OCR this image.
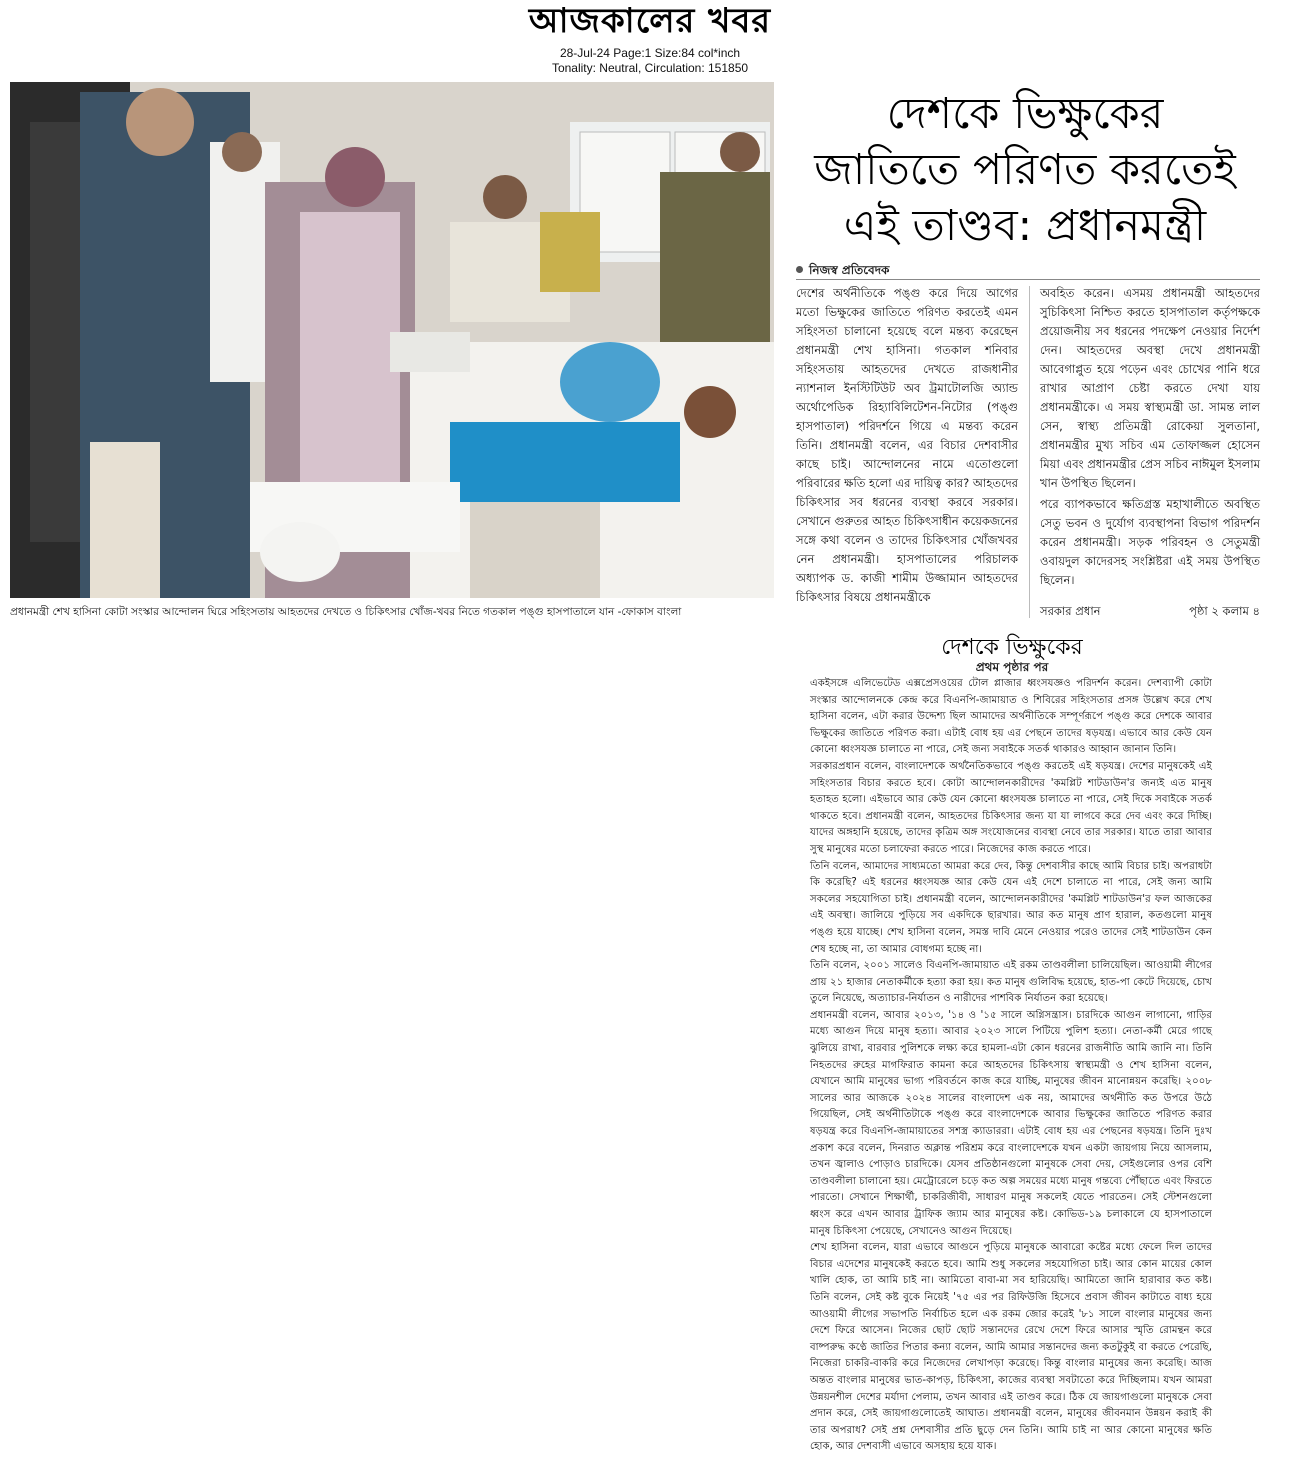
আজকালের খবর
28-Jul-24 Page:1 Size:84 col*inch
Tonality: Neutral, Circulation: 151850
প্রধানমন্ত্রী শেখ হাসিনা কোটা সংস্কার আন্দোলন ঘিরে সহিংসতায় আহতদের দেখতে ও চিকিৎসার খোঁজ-খবর নিতে গতকাল পঙ্গু হাসপাতালে যান -ফোকাস বাংলা
দেশকে ভিক্ষুকের
জাতিতে পরিণত করতেই
এই তাণ্ডব: প্রধানমন্ত্রী
নিজস্ব প্রতিবেদক

দেশের অর্থনীতিকে পঙ্গু করে দিয়ে আগের মতো ভিক্ষুকের জাতিতে পরিণত করতেই এমন সহিংসতা চালানো হয়েছে বলে মন্তব্য করেছেন প্রধানমন্ত্রী শেখ হাসিনা। গতকাল শনিবার সহিংসতায় আহতদের দেখতে রাজধানীর ন্যাশনাল ইনস্টিটিউট অব ট্রমাটোলজি অ্যান্ড অর্থোপেডিক রিহ্যাবিলিটেশন-নিটোর (পঙ্গু হাসপাতাল) পরিদর্শনে গিয়ে এ মন্তব্য করেন তিনি। প্রধানমন্ত্রী বলেন, এর বিচার দেশবাসীর কাছে চাই। আন্দোলনের নামে এতোগুলো পরিবারের ক্ষতি হলো এর দায়িত্ব কার? আহতদের চিকিৎসার সব ধরনের ব্যবস্থা করবে সরকার। সেখানে গুরুতর আহত চিকিৎসাধীন কয়েকজনের সঙ্গে কথা বলেন ও তাদের চিকিৎসার খোঁজখবর নেন প্রধানমন্ত্রী। হাসপাতালের পরিচালক অধ্যাপক ড. কাজী শামীম উজ্জামান আহতদের চিকিৎসার বিষয়ে প্রধানমন্ত্রীকে

অবহিত করেন। এসময় প্রধানমন্ত্রী আহতদের সুচিকিৎসা নিশ্চিত করতে হাসপাতাল কর্তৃপক্ষকে প্রয়োজনীয় সব ধরনের পদক্ষেপ নেওয়ার নির্দেশ দেন। আহতদের অবস্থা দেখে প্রধানমন্ত্রী আবেগাপ্লুত হয়ে পড়েন এবং চোখের পানি ধরে রাখার আপ্রাণ চেষ্টা করতে দেখা যায় প্রধানমন্ত্রীকে। এ সময় স্বাস্থ্যমন্ত্রী ডা. সামন্ত লাল সেন, স্বাস্থ্য প্রতিমন্ত্রী রোকেয়া সুলতানা, প্রধানমন্ত্রীর মুখ্য সচিব এম তোফাজ্জল হোসেন মিয়া এবং প্রধানমন্ত্রীর প্রেস সচিব নাঈমুল ইসলাম খান উপস্থিত ছিলেন।

পরে ব্যাপকভাবে ক্ষতিগ্রস্ত মহাখালীতে অবস্থিত সেতু ভবন ও দুর্যোগ ব্যবস্থাপনা বিভাগ পরিদর্শন করেন প্রধানমন্ত্রী। সড়ক পরিবহন ও সেতুমন্ত্রী ওবায়দুল কাদেরসহ সংশ্লিষ্টরা এই সময় উপস্থিত ছিলেন।

সরকার প্রধান	পৃষ্ঠা ২ কলাম ৪
দেশকে ভিক্ষুকের
প্রথম পৃষ্ঠার পর

একইসঙ্গে এলিভেটেড এক্সপ্রেসওয়ের টোল প্লাজার ধ্বংসযজ্ঞও পরিদর্শন করেন। দেশব্যাপী কোটা সংস্কার আন্দোলনকে কেন্দ্র করে বিএনপি-জামায়াত ও শিবিরের সহিংসতার প্রসঙ্গ উল্লেখ করে শেখ হাসিনা বলেন, এটা করার উদ্দেশ্য ছিল আমাদের অর্থনীতিকে সম্পূর্ণরূপে পঙ্গু করে দেশকে আবার ভিক্ষুকের জাতিতে পরিণত করা। এটাই বোধ হয় এর পেছনে তাদের ষড়যন্ত্র। এভাবে আর কেউ যেন কোনো ধ্বংসযজ্ঞ চালাতে না পারে, সেই জন্য সবাইকে সতর্ক থাকারও আহ্বান জানান তিনি।

সরকারপ্রধান বলেন, বাংলাদেশকে অর্থনৈতিকভাবে পঙ্গু করতেই এই ষড়যন্ত্র। দেশের মানুষকেই এই সহিংসতার বিচার করতে হবে। কোটা আন্দোলনকারীদের 'কমপ্লিট শাটডাউন'র জন্যই এত মানুষ হতাহত হলো। এইভাবে আর কেউ যেন কোনো ধ্বংসযজ্ঞ চালাতে না পারে, সেই দিকে সবাইকে সতর্ক থাকতে হবে। প্রধানমন্ত্রী বলেন, আহতদের চিকিৎসার জন্য যা যা লাগবে করে দেব এবং করে দিচ্ছি। যাদের অঙ্গহানি হয়েছে, তাদের কৃত্রিম অঙ্গ সংযোজনের ব্যবস্থা নেবে তার সরকার। যাতে তারা আবার সুস্থ মানুষের মতো চলাফেরা করতে পারে। নিজেদের কাজ করতে পারে।

তিনি বলেন, আমাদের সাধ্যমতো আমরা করে দেব, কিন্তু দেশবাসীর কাছে আমি বিচার চাই। অপরাধটা কি করেছি? এই ধরনের ধ্বংসযজ্ঞ আর কেউ যেন এই দেশে চালাতে না পারে, সেই জন্য আমি সকলের সহযোগিতা চাই। প্রধানমন্ত্রী বলেন, আন্দোলনকারীদের 'কমপ্লিট শাটডাউন'র ফল আজকের এই অবস্থা। জালিয়ে পুড়িয়ে সব একদিকে ছারখার। আর কত মানুষ প্রাণ হারাল, কতগুলো মানুষ পঙ্গু হয়ে যাচ্ছে। শেখ হাসিনা বলেন, সমস্ত দাবি মেনে নেওয়ার পরেও তাদের সেই শাটডাউন কেন শেষ হচ্ছে না, তা আমার বোধগম্য হচ্ছে না।

তিনি বলেন, ২০০১ সালেও বিএনপি-জামায়াত এই রকম তাণ্ডবলীলা চালিয়েছিল। আওয়ামী লীগের প্রায় ২১ হাজার নেতাকর্মীকে হত্যা করা হয়। কত মানুষ গুলিবিদ্ধ হয়েছে, হাত-পা কেটে দিয়েছে, চোখ তুলে নিয়েছে, অত্যাচার-নির্যাতন ও নারীদের পাশবিক নির্যাতন করা হয়েছে।

প্রধানমন্ত্রী বলেন, আবার ২০১৩, '১৪ ও '১৫ সালে অগ্নিসন্ত্রাস। চারদিকে আগুন লাগানো, গাড়ির মধ্যে আগুন দিয়ে মানুষ হত্যা। আবার ২০২৩ সালে পিটিয়ে পুলিশ হত্যা। নেতা-কর্মী মেরে গাছে ঝুলিয়ে রাখা, বারবার পুলিশকে লক্ষ্য করে হামলা-এটা কোন ধরনের রাজনীতি আমি জানি না। তিনি নিহতদের রুহের মাগফিরাত কামনা করে আহতদের চিকিৎসায় স্বাস্থ্যমন্ত্রী ও শেখ হাসিনা বলেন, যেখানে আমি মানুষের ভাগ্য পরিবর্তনে কাজ করে যাচ্ছি, মানুষের জীবন মানোন্নয়ন করেছি। ২০০৮ সালের আর আজকে ২০২৪ সালের বাংলাদেশ এক নয়, আমাদের অর্থনীতি কত উপরে উঠে গিয়েছিল, সেই অর্থনীতিটাকে পঙ্গু করে বাংলাদেশকে আবার ভিক্ষুকের জাতিতে পরিণত করার ষড়যন্ত্র করে বিএনপি-জামায়াতের সশস্ত্র ক্যাডাররা। এটাই বোধ হয় এর পেছনের ষড়যন্ত্র। তিনি দুঃখ প্রকাশ করে বলেন, দিনরাত অক্লান্ত পরিশ্রম করে বাংলাদেশকে যখন একটা জায়গায় নিয়ে আসলাম, তখন জ্বালাও পোড়াও চারদিকে। যেসব প্রতিষ্ঠানগুলো মানুষকে সেবা দেয়, সেইগুলোর ওপর বেশি তাণ্ডবলীলা চালানো হয়। মেট্রোরেলে চড়ে কত অল্প সময়ের মধ্যে মানুষ গন্তব্যে পৌঁছাতে এবং ফিরতে পারতো। সেখানে শিক্ষার্থী, চাকরিজীবী, সাধারণ মানুষ সকলেই যেতে পারতেন। সেই স্টেশনগুলো ধ্বংস করে এখন আবার ট্রাফিক জ্যাম আর মানুষের কষ্ট। কোভিড-১৯ চলাকালে যে হাসপাতালে মানুষ চিকিৎসা পেয়েছে, সেখানেও আগুন দিয়েছে।

শেখ হাসিনা বলেন, যারা এভাবে আগুনে পুড়িয়ে মানুষকে আবারো কষ্টের মধ্যে ফেলে দিল তাদের বিচার এদেশের মানুষকেই করতে হবে। আমি শুধু সকলের সহযোগিতা চাই। আর কোন মায়ের কোল খালি হোক, তা আমি চাই না। আমিতো বাবা-মা সব হারিয়েছি। আমিতো জানি হারাবার কত কষ্ট। তিনি বলেন, সেই কষ্ট বুকে নিয়েই '৭৫ এর পর রিফিউজি হিসেবে প্রবাস জীবন কাটাতে বাধ্য হয়ে আওয়ামী লীগের সভাপতি নির্বাচিত হলে এক রকম জোর করেই '৮১ সালে বাংলার মানুষের জন্য দেশে ফিরে আসেন। নিজের ছোট ছোট সন্তানদের রেখে দেশে ফিরে আসার স্মৃতি রোমন্থন করে বাষ্পরুদ্ধ কণ্ঠে জাতির পিতার কন্যা বলেন, আমি আমার সন্তানদের জন্য কতটুকুই বা করতে পেরেছি, নিজেরা চাকরি-বাকরি করে নিজেদের লেখাপড়া করেছে। কিন্তু বাংলার মানুষের জন্য করেছি। আজ অন্তত বাংলার মানুষের ভাত-কাপড়, চিকিৎসা, কাজের ব্যবস্থা সবটাতো করে দিচ্ছিলাম। যখন আমরা উন্নয়নশীল দেশের মর্যাদা পেলাম, তখন আবার এই তাণ্ডব করে। ঠিক যে জায়গাগুলো মানুষকে সেবা প্রদান করে, সেই জায়গাগুলোতেই আঘাত। প্রধানমন্ত্রী বলেন, মানুষের জীবনমান উন্নয়ন করাই কী তার অপরাধ? সেই প্রশ্ন দেশবাসীর প্রতি ছুড়ে দেন তিনি। আমি চাই না আর কোনো মানুষের ক্ষতি হোক, আর দেশবাসী এভাবে অসহায় হয়ে যাক।
